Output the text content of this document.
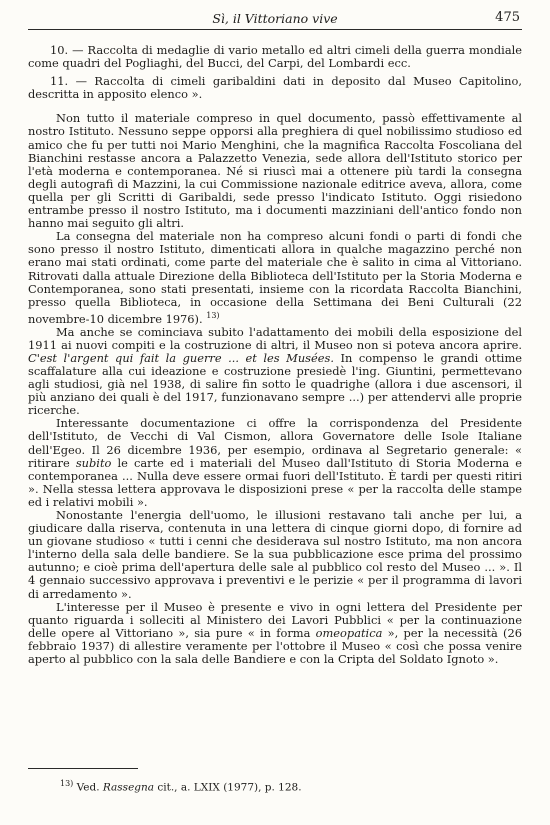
Sì, il Vittoriano vive	475

10. — Raccolta di medaglie di vario metallo ed altri cimeli della guerra mondiale come quadri del Pogliaghi, del Bucci, del Carpi, del Lombardi ecc.

11. — Raccolta di cimeli garibaldini dati in deposito dal Museo Capitolino, descritta in apposito elenco ».

Non tutto il materiale compreso in quel documento, passò effettivamente al nostro Istituto. Nessuno seppe opporsi alla preghiera di quel nobilissimo studioso ed amico che fu per tutti noi Mario Menghini, che la magnifica Raccolta Foscoliana del Bianchini restasse ancora a Palazzetto Venezia, sede allora dell'Istituto storico per l'età moderna e contemporanea. Né si riuscì mai a ottenere più tardi la consegna degli autografi di Mazzini, la cui Commissione nazionale editrice aveva, allora, come quella per gli Scritti di Garibaldi, sede presso l'indicato Istituto. Oggi risiedono entrambe presso il nostro Istituto, ma i documenti mazziniani dell'antico fondo non hanno mai seguito gli altri.

La consegna del materiale non ha compreso alcuni fondi o parti di fondi che sono presso il nostro Istituto, dimenticati allora in qualche magazzino perché non erano mai stati ordinati, come parte del materiale che è salito in cima al Vittoriano. Ritrovati dalla attuale Direzione della Biblioteca dell'Istituto per la Storia Moderna e Contemporanea, sono stati presentati, insieme con la ricordata Raccolta Bianchini, presso quella Biblioteca, in occasione della Settimana dei Beni Culturali (22 novembre-10 dicembre 1976). $^{13)}$

Ma anche se cominciava subito l'adattamento dei mobili della esposizione del 1911 ai nuovi compiti e la costruzione di altri, il Museo non si poteva ancora aprire. C'est l'argent qui fait la guerre ... et les Musées. In compenso le grandi ottime scaffalature alla cui ideazione e costruzione presiedè l'ing. Giuntini, permettevano agli studiosi, già nel 1938, di salire fin sotto le quadrighe (allora i due ascensori, il più anziano dei quali è del 1917, funzionavano sempre ...) per attendervi alle proprie ricerche.

Interessante documentazione ci offre la corrispondenza del Presidente dell'Istituto, de Vecchi di Val Cismon, allora Governatore delle Isole Italiane dell'Egeo. Il 26 dicembre 1936, per esempio, ordinava al Segretario generale: « ritirare subito le carte ed i materiali del Museo dall'Istituto di Storia Moderna e contemporanea ... Nulla deve essere ormai fuori dell'Istituto. È tardi per questi ritiri ». Nella stessa lettera approvava le disposizioni prese « per la raccolta delle stampe ed i relativi mobili ».

Nonostante l'energia dell'uomo, le illusioni restavano tali anche per lui, a giudicare dalla riserva, contenuta in una lettera di cinque giorni dopo, di fornire ad un giovane studioso « tutti i cenni che desiderava sul nostro Istituto, ma non ancora l'interno della sala delle bandiere. Se la sua pubblicazione esce prima del prossimo autunno; e cioè prima dell'apertura delle sale al pubblico col resto del Museo ... ». Il 4 gennaio successivo approvava i preventivi e le perizie « per il programma di lavori di arredamento ».

L'interesse per il Museo è presente e vivo in ogni lettera del Presidente per quanto riguarda i solleciti al Ministero dei Lavori Pubblici « per la continuazione delle opere al Vittoriano », sia pure « in forma omeopatica », per la necessità (26 febbraio 1937) di allestire veramente per l'ottobre il Museo « così che possa venire aperto al pubblico con la sala delle Bandiere e con la Cripta del Soldato Ignoto ».

$^{13)}$ Ved. Rassegna cit., a. LXIX (1977), p. 128.
